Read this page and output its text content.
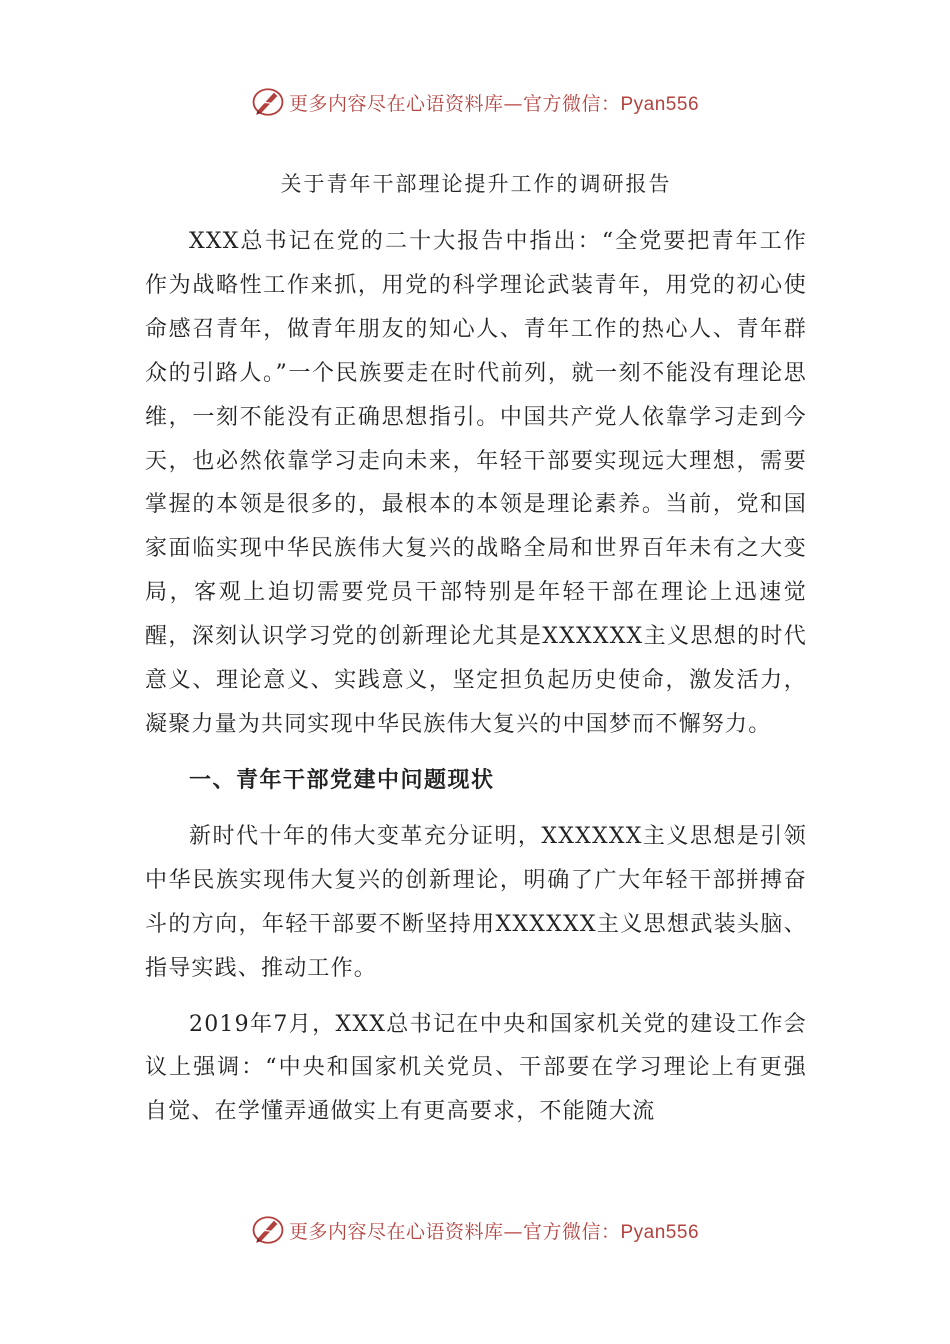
更多内容尽在心语资料库—官方微信：Pyan556
关于青年干部理论提升工作的调研报告

XXX总书记在党的二十大报告中指出：“全党要把青年工作作为战略性工作来抓，用党的科学理论武装青年，用党的初心使命感召青年，做青年朋友的知心人、青年工作的热心人、青年群众的引路人。”一个民族要走在时代前列，就一刻不能没有理论思维，一刻不能没有正确思想指引。中国共产党人依靠学习走到今天，也必然依靠学习走向未来，年轻干部要实现远大理想，需要掌握的本领是很多的，最根本的本领是理论素养。当前，党和国家面临实现中华民族伟大复兴的战略全局和世界百年未有之大变局，客观上迫切需要党员干部特别是年轻干部在理论上迅速觉醒，深刻认识学习党的创新理论尤其是XXXXXX主义思想的时代意义、理论意义、实践意义，坚定担负起历史使命，激发活力，凝聚力量为共同实现中华民族伟大复兴的中国梦而不懈努力。

一、青年干部党建中问题现状

新时代十年的伟大变革充分证明，XXXXXX主义思想是引领中华民族实现伟大复兴的创新理论，明确了广大年轻干部拼搏奋斗的方向，年轻干部要不断坚持用XXXXXX主义思想武装头脑、指导实践、推动工作。

2019年7月，XXX总书记在中央和国家机关党的建设工作会议上强调：“中央和国家机关党员、干部要在学习理论上有更强自觉、在学懂弄通做实上有更高要求，不能随大流

更多内容尽在心语资料库—官方微信：Pyan556
